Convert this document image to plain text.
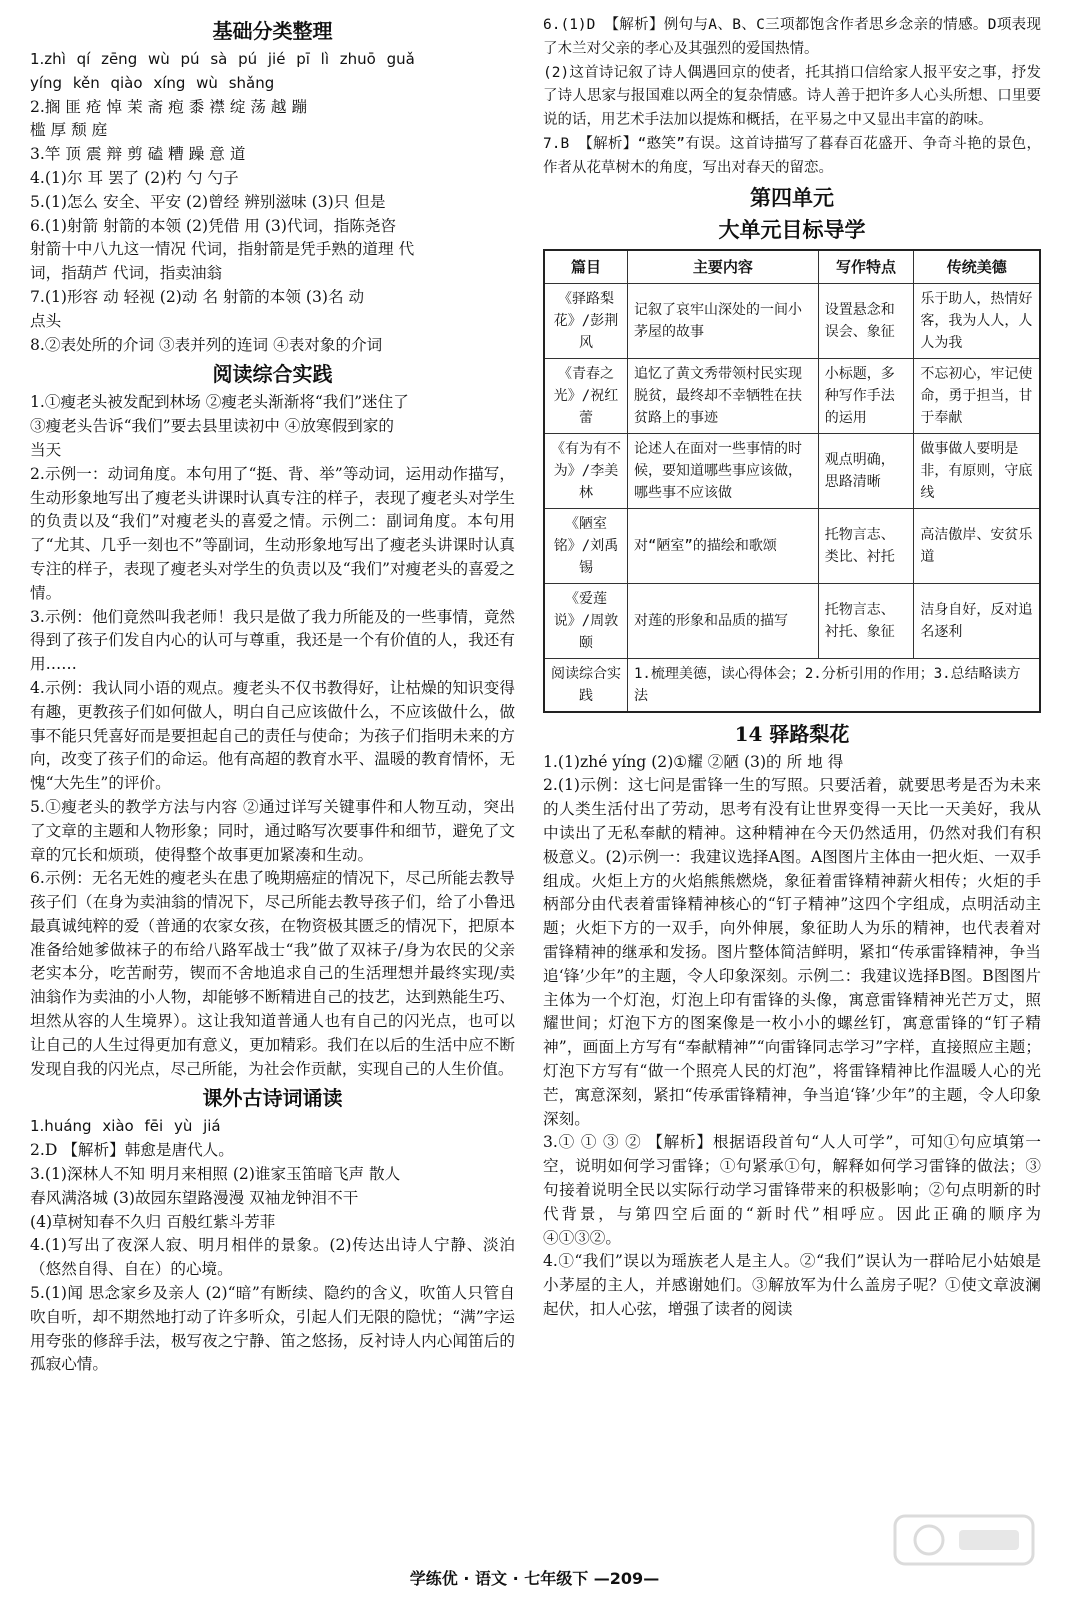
基础分类整理

1.zhì qí zēng wù pú sà pú jié pī lì zhuō guǎ

yíng kěn qiào xíng wù shǎng

2.搁 匪 疮 悼 茉 斋 疱 黍 襟 绽 荡 越 蹦

槛 厚 颓 庭

3.竿 顶 震 辩 剪 磕 糟 躁 意 道

4.(1)尔 耳 罢了 (2)杓 勺 勺子

5.(1)怎么 安全、平安 (2)曾经 辨别滋味 (3)只 但是

6.(1)射箭 射箭的本领 (2)凭借 用 (3)代词，指陈尧咨

射箭十中八九这一情况 代词，指射箭是凭手熟的道理 代

词，指葫芦 代词，指卖油翁

7.(1)形容 动 轻视 (2)动 名 射箭的本领 (3)名 动

点头

8.②表处所的介词 ③表并列的连词 ④表对象的介词

阅读综合实践

1.①瘦老头被发配到林场 ②瘦老头渐渐将“我们”迷住了

③瘦老头告诉“我们”要去县里读初中 ④放寒假到家的

当天

2.示例一：动词角度。本句用了“挺、背、举”等动词，运用动作描写，生动形象地写出了瘦老头讲课时认真专注的样子，表现了瘦老头对学生的负责以及“我们”对瘦老头的喜爱之情。示例二：副词角度。本句用了“尤其、几乎一刻也不”等副词，生动形象地写出了瘦老头讲课时认真专注的样子，表现了瘦老头对学生的负责以及“我们”对瘦老头的喜爱之情。

3.示例：他们竟然叫我老师！我只是做了我力所能及的一些事情，竟然得到了孩子们发自内心的认可与尊重，我还是一个有价值的人，我还有用……

4.示例：我认同小语的观点。瘦老头不仅书教得好，让枯燥的知识变得有趣，更教孩子们如何做人，明白自己应该做什么，不应该做什么，做事不能只凭喜好而是要担起自己的责任与使命；为孩子们指明未来的方向，改变了孩子们的命运。他有高超的教育水平、温暖的教育情怀，无愧“大先生”的评价。

5.①瘦老头的教学方法与内容 ②通过详写关键事件和人物互动，突出了文章的主题和人物形象；同时，通过略写次要事件和细节，避免了文章的冗长和烦琐，使得整个故事更加紧凑和生动。

6.示例：无名无姓的瘦老头在患了晚期癌症的情况下，尽己所能去教导孩子们（在身为卖油翁的情况下，尽己所能去教导孩子们，给了小鲁迅最真诚纯粹的爱（普通的农家女孩，在物资极其匮乏的情况下，把原本准备给她爹做袜子的布给八路军战士“我”做了双袜子/身为农民的父亲老实本分，吃苦耐劳，锲而不舍地追求自己的生活理想并最终实现/卖油翁作为卖油的小人物，却能够不断精进自己的技艺，达到熟能生巧、坦然从容的人生境界）。这让我知道普通人也有自己的闪光点，也可以让自己的人生过得更加有意义，更加精彩。我们在以后的生活中应不断发现自我的闪光点，尽己所能，为社会作贡献，实现自己的人生价值。

课外古诗词诵读

1.huáng xiào fēi yù jiá

2.D 【解析】韩愈是唐代人。

3.(1)深林人不知 明月来相照 (2)谁家玉笛暗飞声 散人

春风满洛城 (3)故园东望路漫漫 双袖龙钟泪不干

(4)草树知春不久归 百般红紫斗芳菲

4.(1)写出了夜深人寂、明月相伴的景象。(2)传达出诗人宁静、淡泊（悠然自得、自在）的心境。

5.(1)闻 思念家乡及亲人 (2)“暗”有断续、隐约的含义，吹笛人只管自吹自听，却不期然地打动了许多听众，引起人们无限的隐忧；“满”字运用夸张的修辞手法，极写夜之宁静、笛之悠扬，反衬诗人内心闻笛后的孤寂心情。

6.(1)D 【解析】例句与A、B、C三项都饱含作者思乡念亲的情感。D项表现了木兰对父亲的孝心及其强烈的爱国热情。

(2)这首诗记叙了诗人偶遇回京的使者，托其捎口信给家人报平安之事，抒发了诗人思家与报国难以两全的复杂情感。诗人善于把许多人心头所想、口里要说的话，用艺术手法加以提炼和概括，在平易之中又显出丰富的韵味。

7.B 【解析】“憨笑”有误。这首诗描写了暮春百花盛开、争奇斗艳的景色，作者从花草树木的角度，写出对春天的留恋。

第四单元
大单元目标导学
篇目	主要内容	写作特点	传统美德
《驿路梨花》/彭荆风	记叙了哀牢山深处的一间小茅屋的故事	设置悬念和误会、象征	乐于助人，热情好客，我为人人，人人为我
《青春之光》/祝红蕾	追忆了黄文秀带领村民实现脱贫，最终却不幸牺牲在扶贫路上的事迹	小标题，多种写作手法的运用	不忘初心，牢记使命，勇于担当，甘于奉献
《有为有不为》/李美林	论述人在面对一些事情的时候，要知道哪些事应该做，哪些事不应该做	观点明确，思路清晰	做事做人要明是非，有原则，守底线
《陋室铭》/刘禹锡	对“陋室”的描绘和歌颂	托物言志、类比、衬托	高洁傲岸、安贫乐道
《爱莲说》/周敦颐	对莲的形象和品质的描写	托物言志、衬托、象征	洁身自好，反对追名逐利
阅读综合实践	1.梳理美德，读心得体会；2.分析引用的作用；3.总结略读方法		
14 驿路梨花

1.(1)zhé yíng (2)①耀 ②陋 (3)的 所 地 得

2.(1)示例：这七问是雷锋一生的写照。只要活着，就要思考是否为未来的人类生活付出了劳动，思考有没有让世界变得一天比一天美好，我从中读出了无私奉献的精神。这种精神在今天仍然适用，仍然对我们有积极意义。(2)示例一：我建议选择A图。A图图片主体由一把火炬、一双手组成。火炬上方的火焰熊熊燃烧，象征着雷锋精神薪火相传；火炬的手柄部分由代表着雷锋精神核心的“钉子精神”这四个字组成，点明活动主题；火炬下方的一双手，向外伸展，象征助人为乐的精神，也代表着对雷锋精神的继承和发扬。图片整体简洁鲜明，紧扣“传承雷锋精神，争当追‘锋’少年”的主题，令人印象深刻。示例二：我建议选择B图。B图图片主体为一个灯泡，灯泡上印有雷锋的头像，寓意雷锋精神光芒万丈，照耀世间；灯泡下方的图案像是一枚小小的螺丝钉，寓意雷锋的“钉子精神”，画面上方写有“奉献精神”“向雷锋同志学习”字样，直接照应主题；灯泡下方写有“做一个照亮人民的灯泡”，将雷锋精神比作温暖人心的光芒，寓意深刻，紧扣“传承雷锋精神，争当追‘锋’少年”的主题，令人印象深刻。

3.① ① ③ ② 【解析】根据语段首句“人人可学”，可知①句应填第一空，说明如何学习雷锋；①句紧承①句，解释如何学习雷锋的做法；③句接着说明全民以实际行动学习雷锋带来的积极影响；②句点明新的时代背景，与第四空后面的“新时代”相呼应。因此正确的顺序为④①③②。

4.①“我们”误以为瑶族老人是主人。②“我们”误认为一群哈尼小姑娘是小茅屋的主人，并感谢她们。③解放军为什么盖房子呢？①使文章波澜起伏，扣人心弦，增强了读者的阅读

学练优 · 语文 · 七年级下 —209—
